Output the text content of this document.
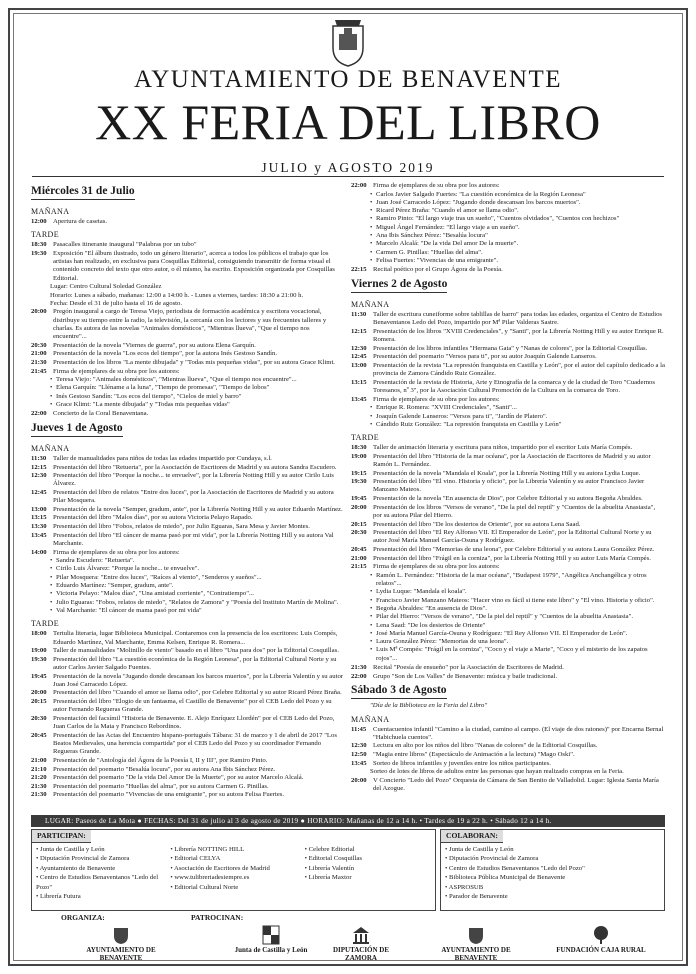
AYUNTAMIENTO DE BENAVENTE
XX FERIA DEL LIBRO
JULIO y AGOSTO 2019
Miércoles 31 de Julio
MAÑANA
12:00 Apertura de casetas.
TARDE
18:30 Pasacalles itinerante inaugural "Palabras por un tubo"
19:30 Exposición "El álbum ilustrado, todo un género literario", acerca a todos los públicos el trabajo que los artistas han realizado, en exclusiva para Cosquillas Editorial, consiguiendo transmitir de forma visual el contenido concreto del texto que otro autor, o él mismo, ha escrito. Exposición organizada por Cosquillas Editorial.
Lugar: Centro Cultural Soledad González
Horario: Lunes a sábado, mañanas: 12:00 a 14:00 h. - Lunes a viernes, tardes: 18:30 a 21:00 h.
Fecha: Desde el 31 de julio hasta el 16 de agosto.
20:00 Pregón inaugural a cargo de Teresa Viejo, periodista de formación académica y escritora vocacional, distribuye su tiempo entre la radio, la televisión, la cercanía con los lectores y sus frecuentes talleres y charlas. Es autora de las novelas "Animales domésticos", "Mientras llueva", "Que el tiempo nos encuentre"...
20:30 Presentación de la novela "Viernes de guerra", por su autora Elena Garquín.
21:00 Presentación de la novela "Los ecos del tiempo", por la autora Inés Gestoso Sandín.
21:30 Presentación de los libros "La mente dibujada" y "Todas mis pequeñas vidas", por su autora Grace Klimt.
21:45 Firma de ejemplares de su obra por los autores:
• Teresa Viejo: "Animales domésticos", "Mientras llueva", "Que el tiempo nos encuentre"...
• Elena Garquín: "Lléname a la luna", "Tiempo de promesas", "Tiempo de lobos"
• Inés Gestoso Sandín: "Los ecos del tiempo", "Cielos de miel y barro"
• Grace Klimt: "La mente dibujada" y "Todas mis pequeñas vidas"
22:00 Concierto de la Coral Benaventana.
Jueves 1 de Agosto
MAÑANA
11:30	Taller de manualidades para niños de todas las edades impartido por Cundaya, s.l.
12:15 Presentación del libro "Retuerta", por la Asociación de Escritores de Madrid y su autora Sandra Escudero.
12:30 Presentación del libro "Porque la noche... te envuelve", por la Librería Notting Hill y su autor Cirilo Luis Álvarez.
12:45 Presentación del libro de relatos "Entre dos luces", por la Asociación de Escritores de Madrid y su autora Pilar Mosquera.
13:00 Presentación de la novela "Semper, gradum, ante", por la Librería Notting Hill y su autor Eduardo Martínez.
13:15 Presentación del libro "Malos días", por su autora Victoria Pelayo Rapado.
13:30 Presentación del libro "Fobos, relatos de miedo", por Julio Eguaras, Sara Mesa y Javier Montes.
13:45 Presentación del libro "El cáncer de mama pasó por mi vida", por la Librería Notting Hill y su autora Val Marchante.
14:00 Firma de ejemplares de su obra por los autores:
• Sandra Escudero: "Retuerta".
• Cirilo Luis Álvarez: "Porque la noche... te envuelve".
• Pilar Mosquera: "Entre dos luces", "Raíces al viento", "Senderos y sueños"...
• Eduardo Martínez: "Semper, gradum, ante".
• Victoria Pelayo: "Malos días", "Una amistad corriente", "Contratiempo"...
• Julio Eguaras: "Fobos, relatos de miedo", "Relatos de Zamora" y "Poesía del Instituto Martín de Molina".
• Val Marchante: "El cáncer de mama pasó por mi vida"
TARDE
18:00 Tertulia literaria, lugar Biblioteca Municipal. Contaremos con la presencia de los escritores: Luis Compés, Eduardo Martínez, Val Marchante, Emma Kelsen, Enrique R. Romera...
19:00 Taller de manualidades "Molinillo de viento" basado en el libro "Una para dos" por la Editorial Cosquillas.
19:30 Presentación del libro "La cuestión económica de la Región Leonesa", por la Editorial Cultural Norte y su autor Carlos Javier Salgado Fuentes.
19:45 Presentación de la novela "Jugando donde descansan los barcos muertos", por la Librería Valentín y su autor Juan José Carracedo López.
20:00 Presentación del libro "Cuando el amor se llama odio", por Celebre Editorial y su autor Ricard Pérez Braña.
20:15 Presentación del libro "Elogio de un fantasma, el Castillo de Benavente" por el CEB Ledo del Pozo y su autor Fernando Regueras Grande.
20:30 Presentación del facsímil "Historia de Benavente. E. Alejo Enríquez Llordén" por el CEB Ledo del Pozo, Juan Carlos de la Mata y Francisco Rebordinos.
20:45 Presentación de las Actas del Encuentro hispano-portugués Tábara: 31 de marzo y 1 de abril de 2017 "Los Beatos Medievales, una herencia compartida" por el CEB Ledo del Pozo y su coordinador Fernando Regueras Grande.
21:00 Presentación de "Antología del Ágora de la Poesía I, II y III", por Ramiro Pinto.
21:10 Presentación del poemario "Besalúa locura", por su autora Ana Ibis Sánchez Pérez.
21:20 Presentación del poemario "De la vida Del Amor De la Muerte", por su autor Marcelo Alcalá.
21:30 Presentación del poemario "Huellas del alma", por su autora Carmen G. Pinillas.
21:30 Presentación del poemario "Vivencias de una emigrante", por su autora Felisa Fuertes.
22:00 Firma de ejemplares de su obra por los autores:
• Carlos Javier Salgado Fuertes: "La cuestión económica de la Región Leonesa"
• Juan José Carracedo López: "Jugando donde descansan los barcos muertos".
• Ricard Pérez Braña: "Cuando el amor se llama odio".
• Ramiro Pinto: "El largo viaje tras un sueño", "Cuentos olvidados", "Cuentos con hechizos"
• Miguel Ángel Fernández: "El largo viaje a un sueño".
• Ana Ibis Sánchez Pérez: "Besalúa locura"
• Marcelo Alcalá: "De la vida Del amor De la muerte".
• Carmen G. Pinillas: "Huellas del alma".
• Felisa Fuertes: "Vivencias de una emigrante".
22:15 Recital poético por el Grupo Ágora de la Poesía.
Viernes 2 de Agosto
MAÑANA
11:30	Taller de escritura cuneiforme sobre tablillas de barro" para todas las edades, organiza el Centro de Estudios Benaventanos Ledo del Pozo, impartido por Mª Pilar Valderas Sastre.
12:15 Presentación de los libros "XVIII Credenciales", y "Santi", por la Librería Notting Hill y su autor Enrique R. Romera.
12:30 Presentación de los libros infantiles "Hermana Gata" y "Nanas de colores", por la Editorial Cosquillas.
12:45 Presentación del poemario "Versos para ti", por su autor Joaquín Galende Lanseros.
13:00 Presentación de la revista "La represión franquista en Castilla y León", por el autor del capítulo dedicado a la provincia de Zamora Cándido Ruiz González.
13:15 Presentación de la revista de Historia, Arte y Etnografía de la comarca y de la ciudad de Toro "Cuadernos Toresanos, nº 3", por la Asociación Cultural Promoción de la Cultura en la comarca de Toro.
13:45 Firma de ejemplares de su obra por los autores:
• Enrique R. Romera: "XVIII Credenciales", "Santi"...
• Joaquín Galende Lanseros: "Versos para ti", "Jardín de Platero".
• Cándido Ruiz González: "La represión franquista en Castilla y León"
TARDE
18:30 Taller de animación literaria y escritura para niños, impartido por el escritor Luis María Compés.
19:00 Presentación del libro "Historia de la mar océana", por la Asociación de Escritores de Madrid y su autor Ramón L. Fernández.
19:15 Presentación de la novela "Mandala el Koala", por la Librería Notting Hill y su autora Lydia Luque.
19:30 Presentación del libro "El vino. Historia y oficio", por la Librería Valentín y su autor Francisco Javier Manzano Mateos.
19:45 Presentación de la novela "En ausencia de Dios", por Celebre Editorial y su autora Begoña Abraldes.
20:00 Presentación de los libros "Versos de verano", "De la piel del reptil" y "Cuentos de la abuelita Anastasia", por su autora Pilar del Hierro.
20:15 Presentación del libro "De los desiertos de Oriente", por su autora Lena Saad.
20:30 Presentación del libro "El Rey Alfonso VII. El Emperador de León", por la Editorial Cultural Norte y su autor José María Manuel García-Osuna y Rodríguez.
20:45 Presentación del libro "Memorias de una leona", por Celebre Editorial y su autora Laura González Pérez.
21:00 Presentación del libro "Frágil en la corniza", por la Librería Notting Hill y su autor Luis María Compés.
21:15 Firma de ejemplares de su obra por los autores:
• Ramón L. Fernández: "Historia de la mar océana", "Budapest 1979", "Angélica Anchangélica y otros relatos"...
• Lydia Luque: "Mandala el koala".
• Francisco Javier Manzano Mateos: "Hacer vino es fácil si tiene este libro" y "El vino. Historia y oficio".
• Begoña Abraldes: "En ausencia de Dios".
• Pilar del Hierro: "Versos de verano", "De la piel del reptil" y "Cuentos de la abuelita Anastasia".
• Lena Saad: "De los desiertos de Oriente"
• José María Manuel García-Osuna y Rodríguez: "El Rey Alfonso VII. El Emperador de León".
• Laura González Pérez: "Memorias de una leona".
• Luis Mª Compés: "Frágil en la corniza", "Coco y el viaje a Marte", "Coco y el misterio de los zapatos rojos"...
21:30 Recital "Poesía de ensueño" por la Asociación de Escritores de Madrid.
22:00 Grupo "Son de Los Valles" de Benavente: música y baile tradicional.
Sábado 3 de Agosto
"Día de la Biblioteca en la Feria del Libro"
MAÑANA
11:45	Cuentacuentos infantil "Camino a la ciudad, camino al campo. (El viaje de dos ratones)" por Encarna Bernal "Habichuela cuentos".
12:30 Lectura en alto por los niños del libro "Nanas de colores" de la Editorial Cosquillas.
12:50 "Magia entre libros" (Espectáculo de Animación a la lectura) "Mago Oski".
13:45 Sorteo de libros infantiles y juveniles entre los niños participantes.
Sorteo de lotes de libros de adultos entre las personas que hayan realizado compras en la Feria.
20:00 V Concierto "Ledo del Pozo" Orquesta de Cámara de San Benito de Valladolid. Lugar: Iglesia Santa María del Azogue.
LUGAR: Paseos de La Mota ● FECHAS: Del 31 de julio al 3 de agosto de 2019 ● HORARIO: Mañanas de 12 a 14 h. • Tardes de 19 a 22 h. • Sábado 12 a 14 h.
PARTICIPAN:
• Junta de Castilla y León
• Diputación Provincial de Zamora
• Ayuntamiento de Benavente
• Centro de Estudios Benaventanos "Ledo del Pozo"
• Librería Futura
• Librería NOTTING HILL
• Editorial CELYA
• Asociación de Escritores de Madrid
• www.tulibreriadesiempre.es
• Editorial Cultural Norte
• Celebre Editorial
• Editorial Cosquillas
• Librería Valentín
• Librería Maxtor
COLABORAN:
• Junta de Castilla y León
• Diputación Provincial de Zamora
• Centro de Estudios Benaventanos "Ledo del Pozo"
• Biblioteca Pública Municipal de Benavente
• ASPROSUB
• Parador de Benavente
ORGANIZA:	PATROCINAN:
AYUNTAMIENTO DE BENAVENTE
Junta de Castilla y León	DIPUTACIÓN DE ZAMORA
AYUNTAMIENTO DE BENAVENTE
FUNDACIÓN CAJA RURAL
